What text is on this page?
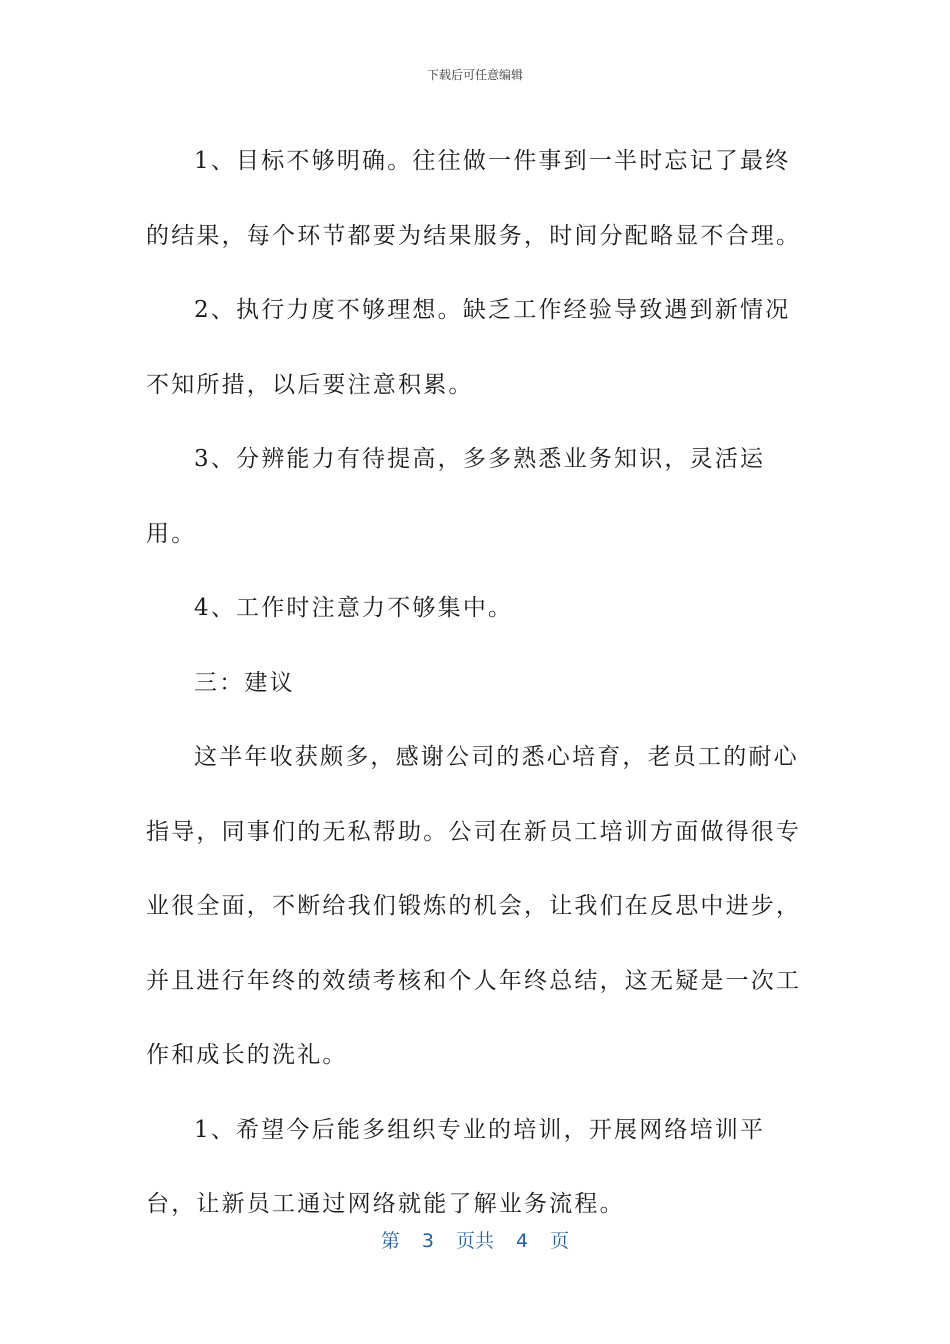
下载后可任意编辑

1、目标不够明确。往往做一件事到一半时忘记了最终的结果，每个环节都要为结果服务，时间分配略显不合理。

2、执行力度不够理想。缺乏工作经验导致遇到新情况不知所措，以后要注意积累。

3、分辨能力有待提高，多多熟悉业务知识，灵活运用。

4、工作时注意力不够集中。

三：建议

这半年收获颇多，感谢公司的悉心培育，老员工的耐心指导，同事们的无私帮助。公司在新员工培训方面做得很专业很全面，不断给我们锻炼的机会，让我们在反思中进步，并且进行年终的效绩考核和个人年终总结，这无疑是一次工作和成长的洗礼。

1、希望今后能多组织专业的培训，开展网络培训平台，让新员工通过网络就能了解业务流程。

第 3 页共 4 页
